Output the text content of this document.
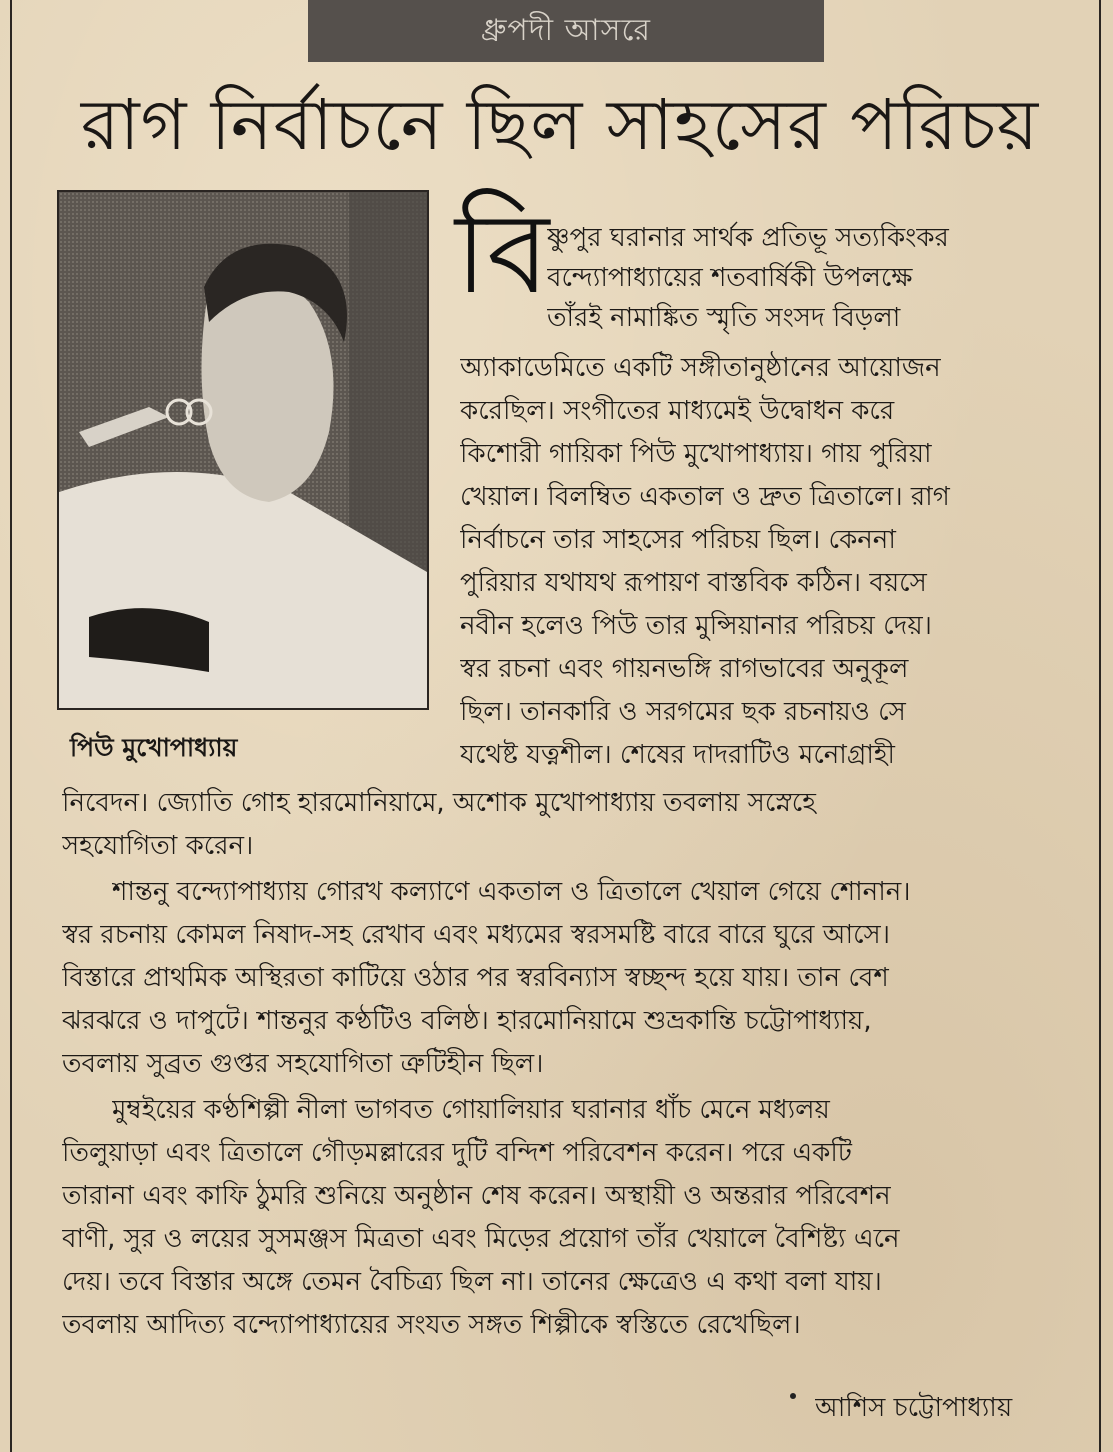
ধ্রুপদী আসরে
রাগ নির্বাচনে ছিল সাহসের পরিচয়
পিউ মুখোপাধ্যায়
বি
ষ্ণুপুর ঘরানার সার্থক প্রতিভূ সত্যকিংকর
বন্দ্যোপাধ্যায়ের শতবার্ষিকী উপলক্ষে
তাঁরই নামাঙ্কিত স্মৃতি সংসদ বিড়লা
অ্যাকাডেমিতে একটি সঙ্গীতানুষ্ঠানের আয়োজন
করেছিল। সংগীতের মাধ্যমেই উদ্বোধন করে
কিশোরী গায়িকা পিউ মুখোপাধ্যায়। গায় পুরিয়া
খেয়াল। বিলম্বিত একতাল ও দ্রুত ত্রিতালে। রাগ
নির্বাচনে তার সাহসের পরিচয় ছিল। কেননা
পুরিয়ার যথাযথ রূপায়ণ বাস্তবিক কঠিন। বয়সে
নবীন হলেও পিউ তার মুন্সিয়ানার পরিচয় দেয়।
স্বর রচনা এবং গায়নভঙ্গি রাগভাবের অনুকূল
ছিল। তানকারি ও সরগমের ছক রচনায়ও সে
যথেষ্ট যত্নশীল। শেষের দাদরাটিও মনোগ্রাহী
নিবেদন। জ্যোতি গোহ হারমোনিয়ামে, অশোক মুখোপাধ্যায় তবলায় সস্নেহে
সহযোগিতা করেন।
শান্তনু বন্দ্যোপাধ্যায় গোরখ কল্যাণে একতাল ও ত্রিতালে খেয়াল গেয়ে শোনান।
স্বর রচনায় কোমল নিষাদ-সহ রেখাব এবং মধ্যমের স্বরসমষ্টি বারে বারে ঘুরে আসে।
বিস্তারে প্রাথমিক অস্থিরতা কাটিয়ে ওঠার পর স্বরবিন্যাস স্বচ্ছন্দ হয়ে যায়। তান বেশ
ঝরঝরে ও দাপুটে। শান্তনুর কণ্ঠটিও বলিষ্ঠ। হারমোনিয়ামে শুভ্রকান্তি চট্টোপাধ্যায়,
তবলায় সুব্রত গুপ্তর সহযোগিতা ত্রুটিহীন ছিল।
মুম্বইয়ের কণ্ঠশিল্পী নীলা ভাগবত গোয়ালিয়ার ঘরানার ধাঁচ মেনে মধ্যলয়
তিলুয়াড়া এবং ত্রিতালে গৌড়মল্লারের দুটি বন্দিশ পরিবেশন করেন। পরে একটি
তারানা এবং কাফি ঠুমরি শুনিয়ে অনুষ্ঠান শেষ করেন। অস্থায়ী ও অন্তরার পরিবেশন
বাণী, সুর ও লয়ের সুসমঞ্জস মিত্রতা এবং মিড়ের প্রয়োগ তাঁর খেয়ালে বৈশিষ্ট্য এনে
দেয়। তবে বিস্তার অঙ্গে তেমন বৈচিত্র্য ছিল না। তানের ক্ষেত্রেও এ কথা বলা যায়।
তবলায় আদিত্য বন্দ্যোপাধ্যায়ের সংযত সঙ্গত শিল্পীকে স্বস্তিতে রেখেছিল।
আশিস চট্টোপাধ্যায়
